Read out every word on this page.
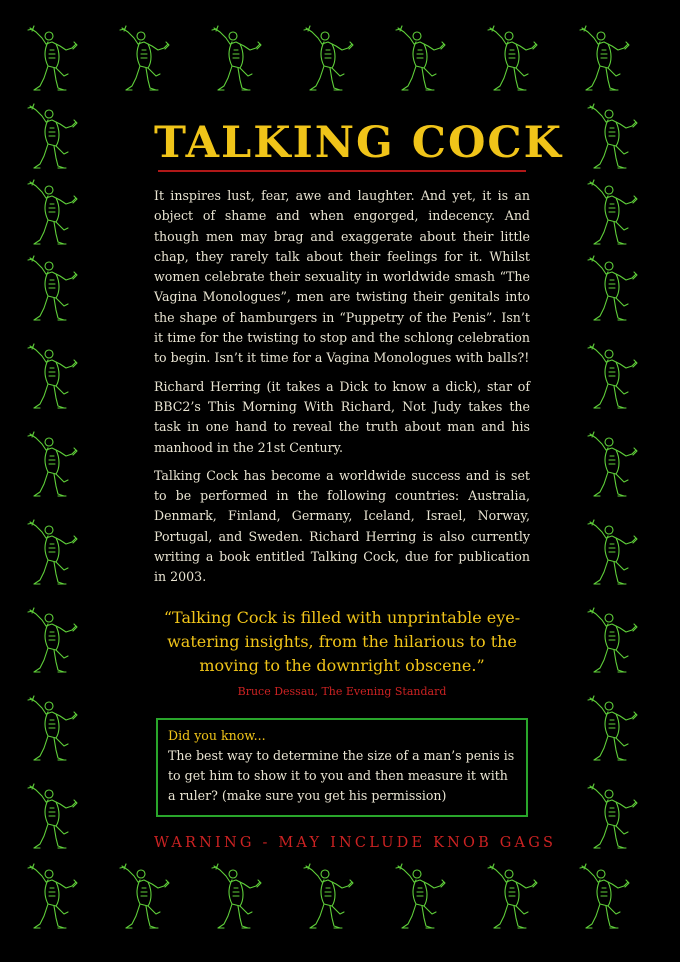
TALKING COCK

It inspires lust, fear, awe and laughter. And yet, it is an object of shame and when engorged, indecency. And though men may brag and exaggerate about their little chap, they rarely talk about their feelings for it. Whilst women celebrate their sexuality in worldwide smash “The Vagina Monologues”, men are twisting their genitals into the shape of hamburgers in “Puppetry of the Penis”. Isn’t it time for the twisting to stop and the schlong celebration to begin. Isn’t it time for a Vagina Monologues with balls?!

Richard Herring (it takes a Dick to know a dick), star of BBC2’s This Morning With Richard, Not Judy takes the task in one hand to reveal the truth about man and his manhood in the 21st Century.

Talking Cock has become a worldwide success and is set to be performed in the following countries: Australia, Denmark, Finland, Germany, Iceland, Israel, Norway, Portugal, and Sweden. Richard Herring is also currently writing a book entitled Talking Cock, due for publication in 2003.

“Talking Cock is filled with unprintable eye-watering insights, from the hilarious to the moving to the downright obscene.”

Bruce Dessau, The Evening Standard

Did you know...
The best way to determine the size of a man’s penis is to get him to show it to you and then measure it with a ruler? (make sure you get his permission)
WARNING - MAY INCLUDE KNOB GAGS
